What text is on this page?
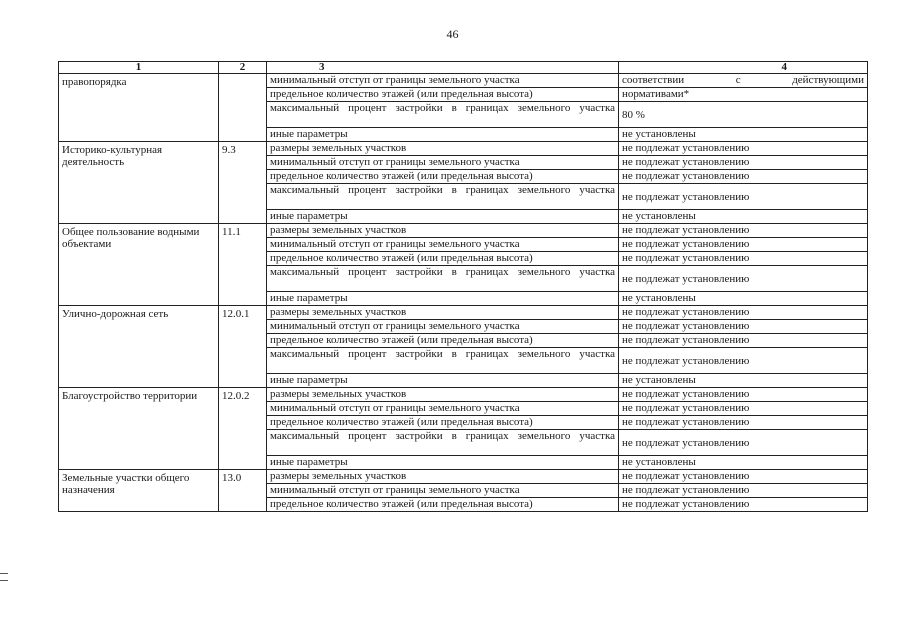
46
1	2	3	4
правопорядка		минимальный отступ от границы земельного участка	соответствии с действующими
		предельное количество этажей (или предельная высота)	нормативами*
		максимальный процент застройки в границах земельного участка	80 %
		иные параметры	не установлены
Историко-культурная деятельность	9.3	размеры земельных участков	не подлежат установлению
		минимальный отступ от границы земельного участка	не подлежат установлению
		предельное количество этажей (или предельная высота)	не подлежат установлению
		максимальный процент застройки в границах земельного участка	не подлежат установлению
		иные параметры	не установлены
Общее пользование водными объектами	11.1	размеры земельных участков	не подлежат установлению
		минимальный отступ от границы земельного участка	не подлежат установлению
		предельное количество этажей (или предельная высота)	не подлежат установлению
		максимальный процент застройки в границах земельного участка	не подлежат установлению
		иные параметры	не установлены
Улично-дорожная сеть	12.0.1	размеры земельных участков	не подлежат установлению
		минимальный отступ от границы земельного участка	не подлежат установлению
		предельное количество этажей (или предельная высота)	не подлежат установлению
		максимальный процент застройки в границах земельного участка	не подлежат установлению
		иные параметры	не установлены
Благоустройство территории	12.0.2	размеры земельных участков	не подлежат установлению
		минимальный отступ от границы земельного участка	не подлежат установлению
		предельное количество этажей (или предельная высота)	не подлежат установлению
		максимальный процент застройки в границах земельного участка	не подлежат установлению
		иные параметры	не установлены
Земельные участки общего назначения	13.0	размеры земельных участков	не подлежат установлению
		минимальный отступ от границы земельного участка	не подлежат установлению
		предельное количество этажей (или предельная высота)	не подлежат установлению
